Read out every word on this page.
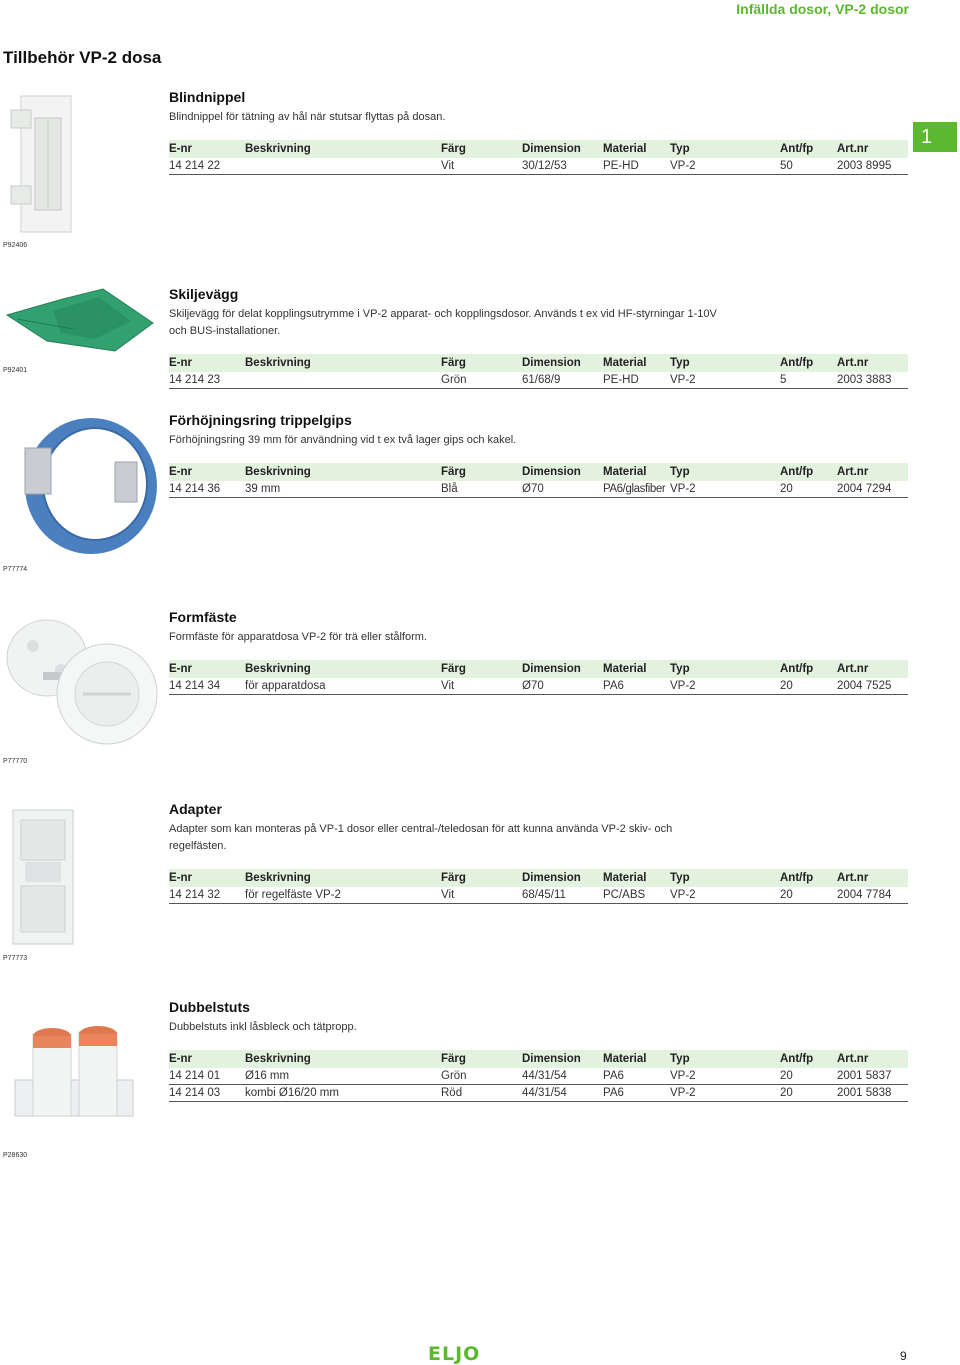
Infällda dosor, VP-2 dosor
Tillbehör VP-2 dosa
1
P92406
Blindnippel
Blindnippel för tätning av hål när stutsar flyttas på dosan.
E-nr	Beskrivning	Färg	Dimension	Material	Typ	Ant/fp	Art.nr
14 214 22		Vit	30/12/53	PE-HD	VP-2	50	2003 8995
P92401
Skiljevägg
Skiljevägg för delat kopplingsutrymme i VP-2 apparat- och kopplingsdosor. Används t ex vid HF-styrningar 1-10V och BUS-installationer.
E-nr	Beskrivning	Färg	Dimension	Material	Typ	Ant/fp	Art.nr
14 214 23		Grön	61/68/9	PE-HD	VP-2	5	2003 3883
P77774
Förhöjningsring trippelgips
Förhöjningsring 39 mm för användning vid t ex två lager gips och kakel.
E-nr	Beskrivning	Färg	Dimension	Material	Typ	Ant/fp	Art.nr
14 214 36	39 mm	Blå	Ø70	PA6/glasfiber	VP-2	20	2004 7294
P77770
Formfäste
Formfäste för apparatdosa VP-2 för trä eller stålform.
E-nr	Beskrivning	Färg	Dimension	Material	Typ	Ant/fp	Art.nr
14 214 34	för apparatdosa	Vit	Ø70	PA6	VP-2	20	2004 7525
P77773
Adapter
Adapter som kan monteras på VP-1 dosor eller central-/teledosan för att kunna använda VP-2 skiv- och regelfästen.
E-nr	Beskrivning	Färg	Dimension	Material	Typ	Ant/fp	Art.nr
14 214 32	för regelfäste VP-2	Vit	68/45/11	PC/ABS	VP-2	20	2004 7784
P28630
Dubbelstuts
Dubbelstuts inkl låsbleck och tätpropp.
E-nr	Beskrivning	Färg	Dimension	Material	Typ	Ant/fp	Art.nr
14 214 01	Ø16 mm	Grön	44/31/54	PA6	VP-2	20	2001 5837
14 214 03	kombi Ø16/20 mm	Röd	44/31/54	PA6	VP-2	20	2001 5838
ELJO	9
